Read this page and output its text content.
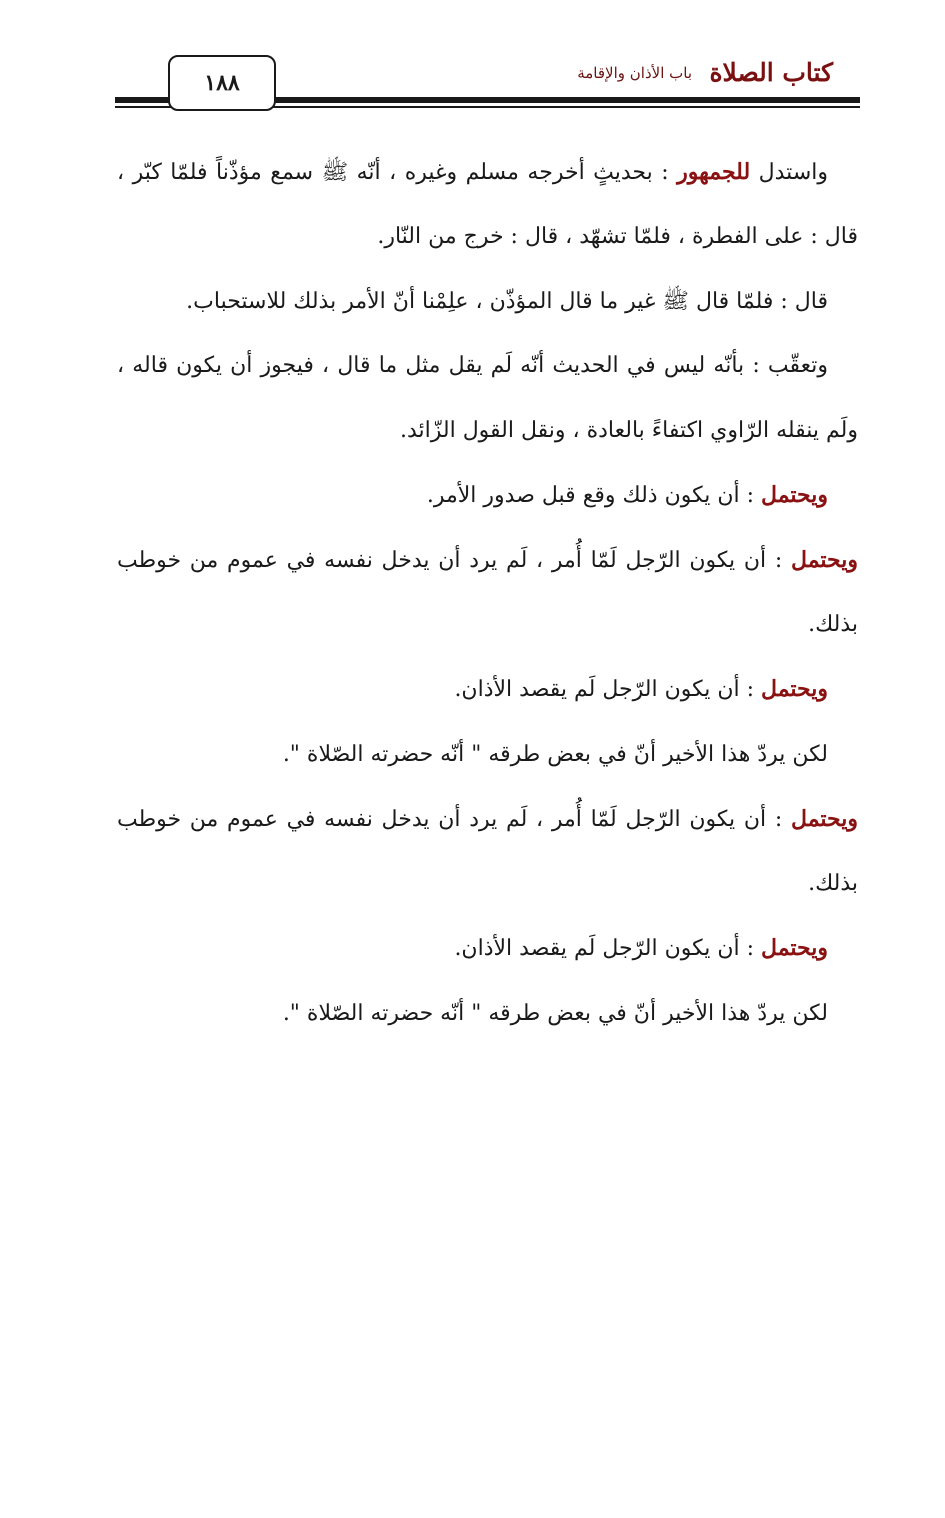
١٨٨	باب الأذان والإقامة كتاب الصلاة

واستدل للجمهور : بحديثٍ أخرجه مسلم وغيره ، أنّه ﷺ سمع مؤذّناً فلمّا كبّر ، قال : على الفطرة ، فلمّا تشهّد ، قال : خرج من النّار.

قال : فلمّا قال ﷺ غير ما قال المؤذّن ، علِمْنا أنّ الأمر بذلك للاستحباب.

وتعقّب : بأنّه ليس في الحديث أنّه لَم يقل مثل ما قال ، فيجوز أن يكون قاله ، ولَم ينقله الرّاوي اكتفاءً بالعادة ، ونقل القول الزّائد.

ويحتمل : أن يكون ذلك وقع قبل صدور الأمر.

ويحتمل : أن يكون الرّجل لَمّا أُمر ، لَم يرد أن يدخل نفسه في عموم من خوطب بذلك.

ويحتمل : أن يكون الرّجل لَم يقصد الأذان.

لكن يردّ هذا الأخير أنّ في بعض طرقه " أنّه حضرته الصّلاة ".

ويحتمل : أن يكون الرّجل لَمّا أُمر ، لَم يرد أن يدخل نفسه في عموم من خوطب بذلك.

ويحتمل : أن يكون الرّجل لَم يقصد الأذان.

لكن يردّ هذا الأخير أنّ في بعض طرقه " أنّه حضرته الصّلاة ".
